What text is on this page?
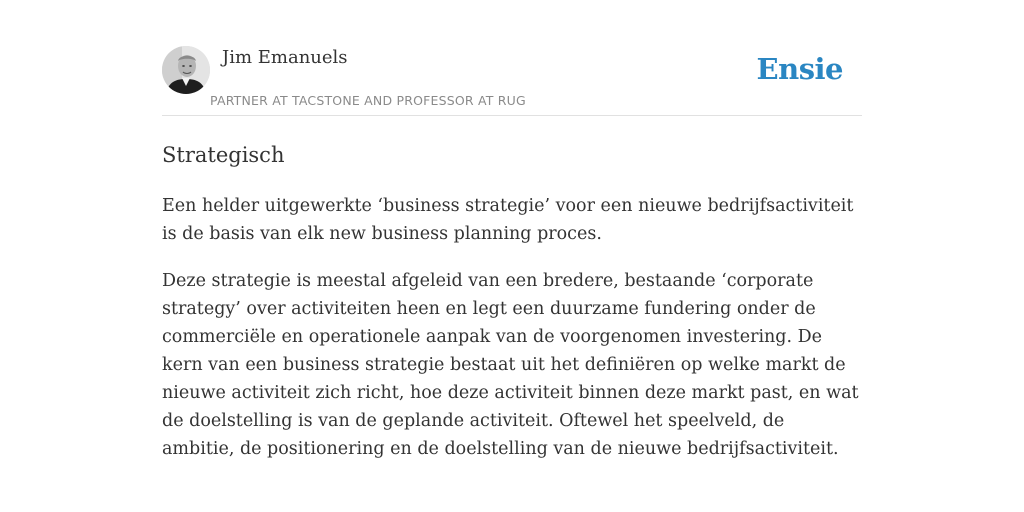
Jim Emanuels
PARTNER AT TACSTONE AND PROFESSOR AT RUG
Ensie
Strategisch

Een helder uitgewerkte ‘business strategie’ voor een nieuwe bedrijfsactiviteit is de basis van elk new business planning proces.

Deze strategie is meestal afgeleid van een bredere, bestaande ‘corporate strategy’ over activiteiten heen en legt een duurzame fundering onder de commerciële en operationele aanpak van de voorgenomen investering. De kern van een business strategie bestaat uit het definiëren op welke markt de nieuwe activiteit zich richt, hoe deze activiteit binnen deze markt past, en wat de doelstelling is van de geplande activiteit. Oftewel het speelveld, de ambitie, de positionering en de doelstelling van de nieuwe bedrijfsactiviteit.
